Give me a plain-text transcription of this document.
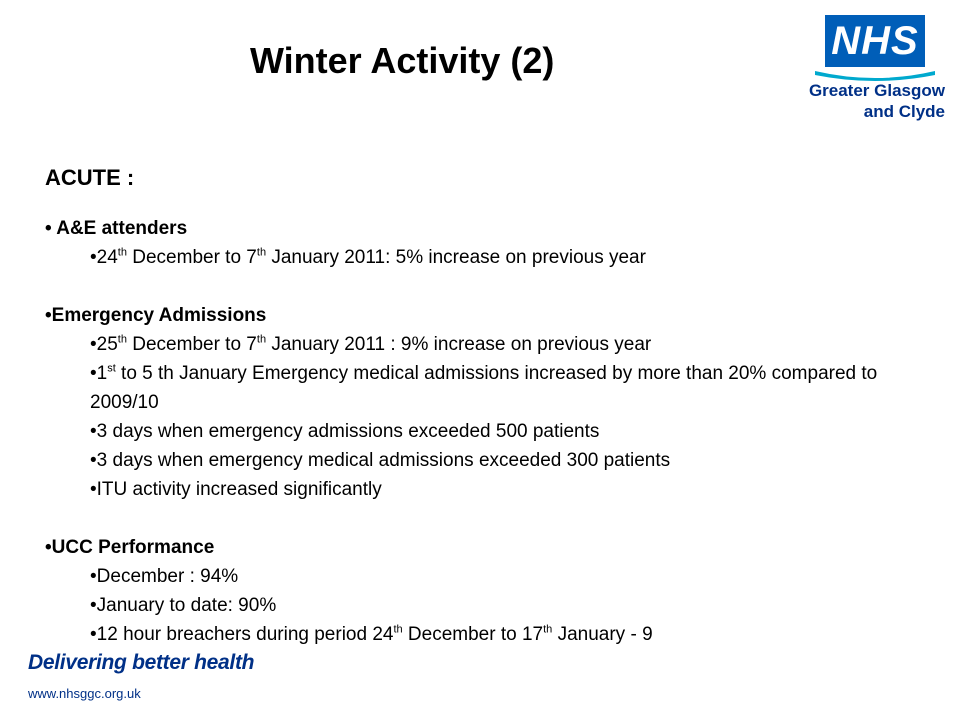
Winter Activity (2)	NHS
Greater Glasgow
and Clyde
ACUTE :
• A&E attenders
•24th December to 7th January 2011: 5% increase on previous year
•Emergency Admissions
•25th December to 7th January 2011 : 9% increase on previous year
•1st to 5 th January Emergency medical admissions increased by more than 20% compared to 2009/10
•3 days when emergency admissions exceeded 500 patients
•3 days when emergency medical admissions exceeded 300 patients
•ITU activity increased significantly
•UCC Performance
•December : 94%
•January to date: 90%
•12 hour breachers during period 24th December to 17th January - 9
Delivering better health
www.nhsggc.org.uk
